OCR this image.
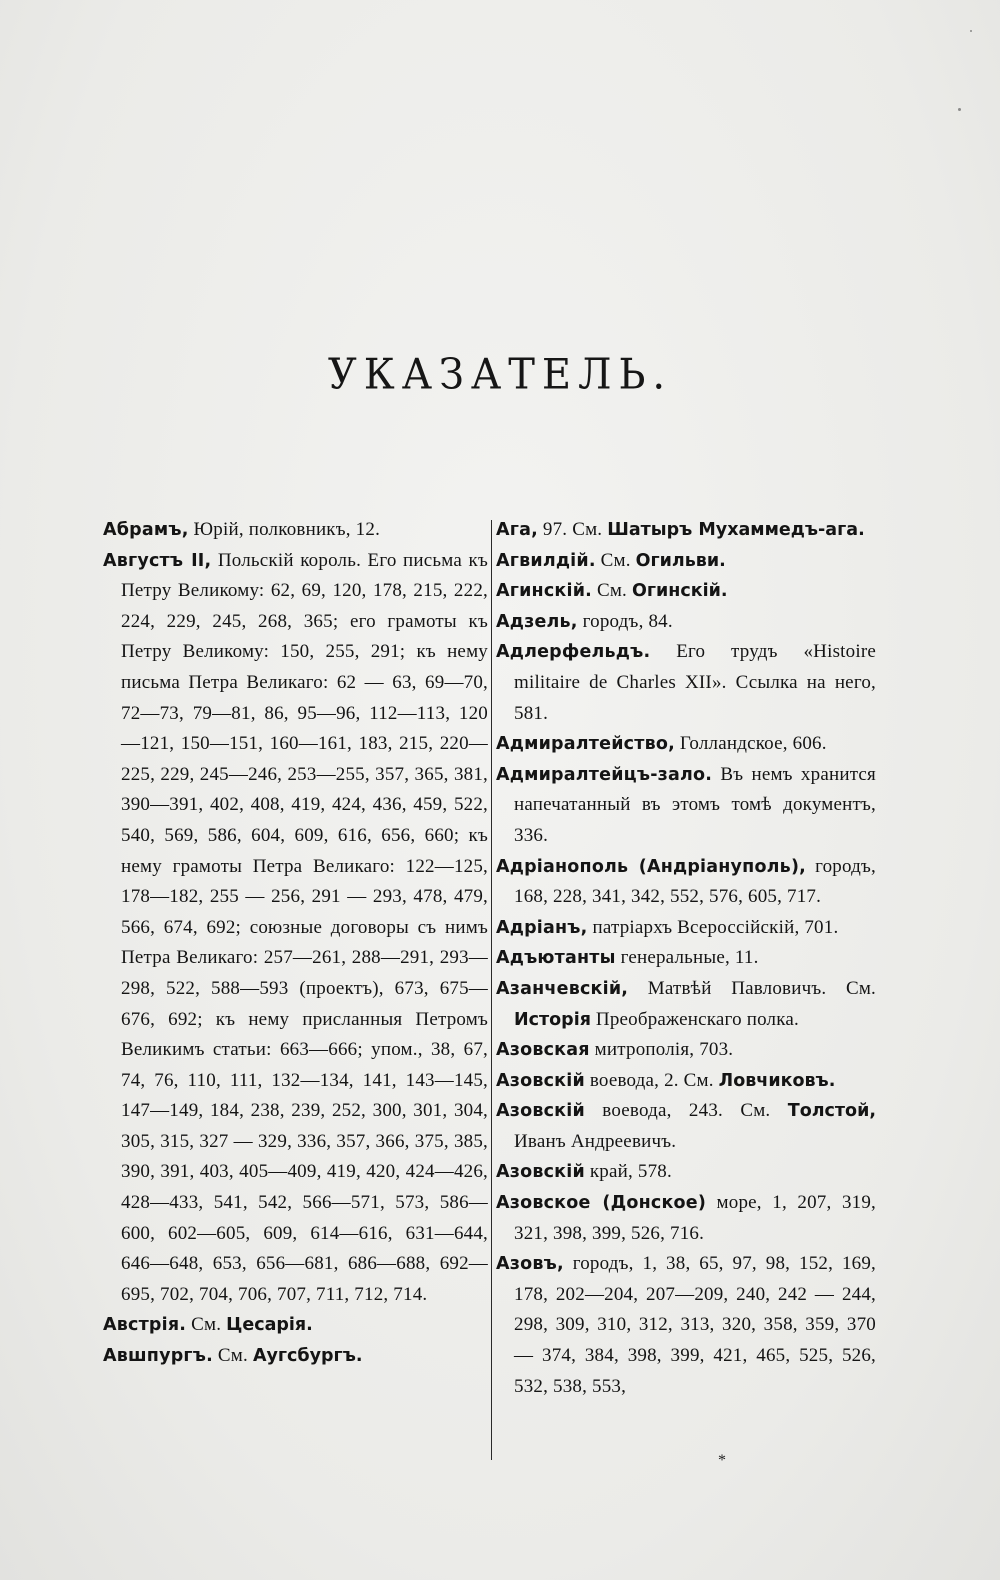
УКАЗАТЕЛЬ.

Абрамъ, Юрій, полковникъ, 12.

Августъ II, Польскій король. Его письма къ Петру Великому: 62, 69, 120, 178, 215, 222, 224, 229, 245, 268, 365; его грамоты къ Петру Великому: 150, 255, 291; къ нему письма Петра Великаго: 62 — 63, 69—70, 72—73, 79—81, 86, 95—96, 112—113, 120—121, 150—151, 160—161, 183, 215, 220—225, 229, 245—246, 253—255, 357, 365, 381, 390—391, 402, 408, 419, 424, 436, 459, 522, 540, 569, 586, 604, 609, 616, 656, 660; къ нему грамоты Петра Великаго: 122—125, 178—182, 255 — 256, 291 — 293, 478, 479, 566, 674, 692; союзные договоры съ нимъ Петра Великаго: 257—261, 288—291, 293—298, 522, 588—593 (проектъ), 673, 675—676, 692; къ нему присланныя Петромъ Великимъ статьи: 663—666; упом., 38, 67, 74, 76, 110, 111, 132—134, 141, 143—145, 147—149, 184, 238, 239, 252, 300, 301, 304, 305, 315, 327 — 329, 336, 357, 366, 375, 385, 390, 391, 403, 405—409, 419, 420, 424—426, 428—433, 541, 542, 566—571, 573, 586—600, 602—605, 609, 614—616, 631—644, 646—648, 653, 656—681, 686—688, 692—695, 702, 704, 706, 707, 711, 712, 714.

Австрія. См. Цесарія.

Авшпургъ. См. Аугсбургъ.

Ага, 97. См. Шатыръ Мухаммедъ-ага.

Агвилдій. См. Огильви.

Агинскій. См. Огинскій.

Адзель, городъ, 84.

Адлерфельдъ. Его трудъ «Histoire militaire de Charles XII». Ссылка на него, 581.

Адмиралтейство, Голландское, 606.

Адмиралтейцъ-зало. Въ немъ хранится напечатанный въ этомъ томѣ документъ, 336.

Адріанополь (Андріануполь), городъ, 168, 228, 341, 342, 552, 576, 605, 717.

Адріанъ, патріархъ Всероссійскій, 701.

Адъютанты генеральные, 11.

Азанчевскій, Матвѣй Павловичъ. См. Исторія Преображенскаго полка.

Азовская митрополія, 703.

Азовскій воевода, 2. См. Ловчиковъ.

Азовскій воевода, 243. См. Толстой, Иванъ Андреевичъ.

Азовскій край, 578.

Азовское (Донское) море, 1, 207, 319, 321, 398, 399, 526, 716.

Азовъ, городъ, 1, 38, 65, 97, 98, 152, 169, 178, 202—204, 207—209, 240, 242 — 244, 298, 309, 310, 312, 313, 320, 358, 359, 370 — 374, 384, 398, 399, 421, 465, 525, 526, 532, 538, 553,

*
